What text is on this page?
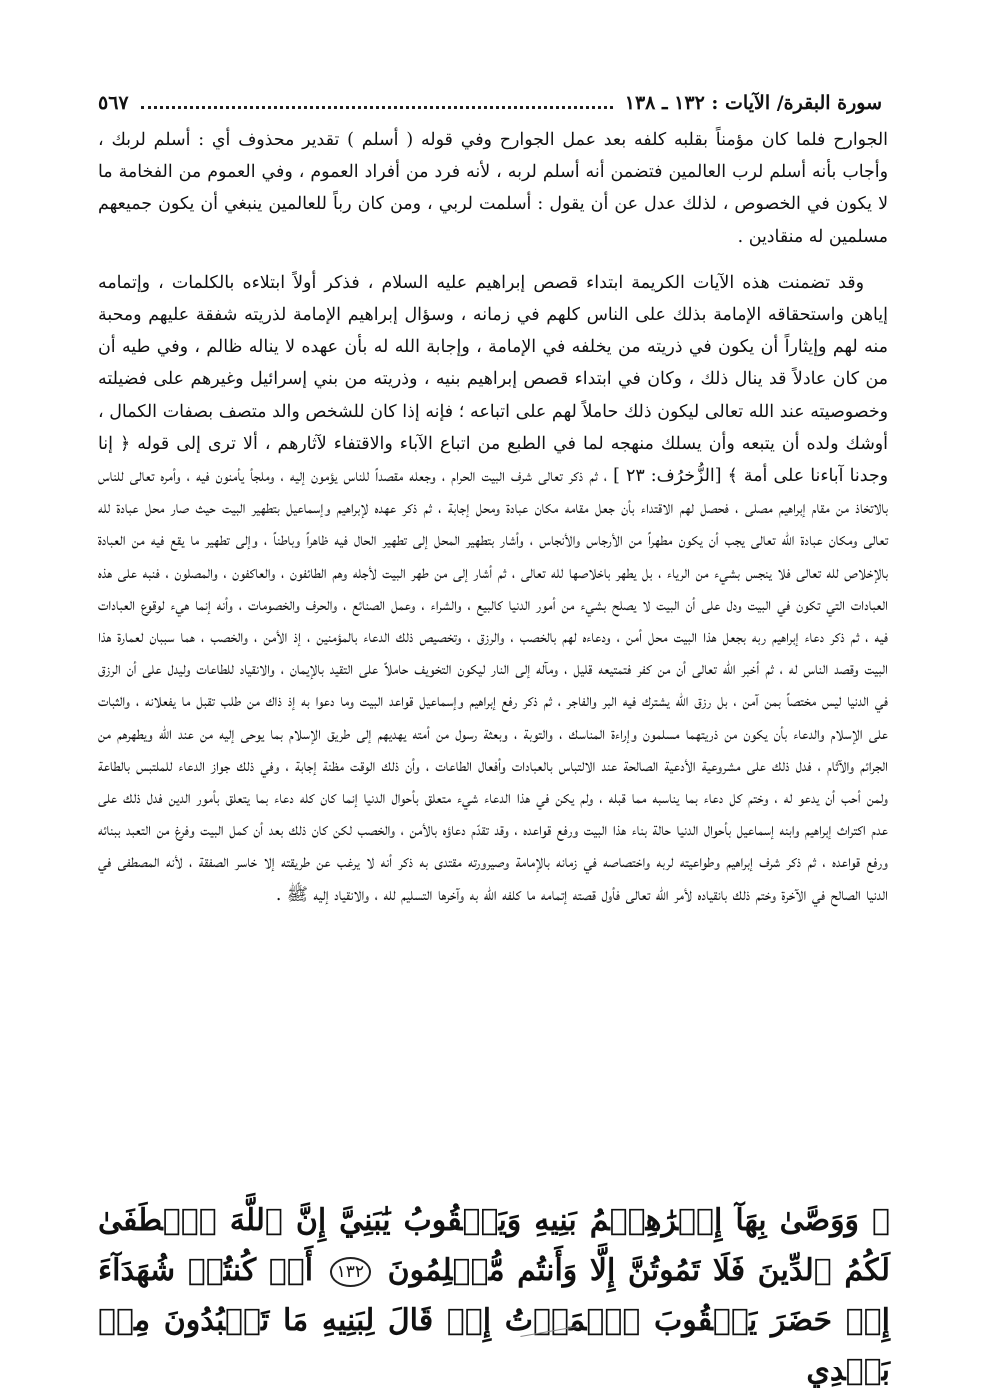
سورة البقرة/ الآيات : ١٣٢ ـ ١٣٨
٥٦٧

الجوارح فلما كان مؤمناً بقلبه كلفه بعد عمل الجوارح وفي قوله ( أسلم ) تقدير محذوف أي : أسلم لربك ، وأجاب بأنه أسلم لرب العالمين فتضمن أنه أسلم لربه ، لأنه فرد من أفراد العموم ، وفي العموم من الفخامة ما لا يكون في الخصوص ، لذلك عدل عن أن يقول : أسلمت لربي ، ومن كان رباً للعالمين ينبغي أن يكون جميعهم مسلمين له منقادين .

وقد تضمنت هذه الآيات الكريمة ابتداء قصص إبراهيم عليه السلام ، فذكر أولاً ابتلاءه بالكلمات ، وإتمامه إياهن واستحقاقه الإمامة بذلك على الناس كلهم في زمانه ، وسؤال إبراهيم الإمامة لذريته شفقة عليهم ومحبة منه لهم وإيثاراً أن يكون في ذريته من يخلفه في الإمامة ، وإجابة الله له بأن عهده لا يناله ظالم ، وفي طيه أن من كان عادلاً قد ينال ذلك ، وكان في ابتداء قصص إبراهيم بنيه ، وذريته من بني إسرائيل وغيرهم على فضيلته وخصوصيته عند الله تعالى ليكون ذلك حاملاً لهم على اتباعه ؛ فإنه إذا كان للشخص والد متصف بصفات الكمال ، أوشك ولده أن يتبعه وأن يسلك منهجه لما في الطبع من اتباع الآباء والاقتفاء لآثارهم ، ألا ترى إلى قوله ﴿ إنا وجدنا آباءنا على أمة ﴾ [الزُّخرُف: ٢٣ ] ، ثم ذكر تعالى شرف البيت الحرام ، وجعله مقصداً للناس يؤمون إليه ، وملجأ يأمنون فيه ، وأمره تعالى للناس بالاتخاذ من مقام إبراهيم مصلى ، فحصل لهم الاقتداء بأن جعل مقامه مكان عبادة ومحل إجابة ، ثم ذكر عهده لإبراهيم وإسماعيل بتطهير البيت حيث صار محل عبادة لله تعالى ومكان عبادة الله تعالى يجب أن يكون مطهراً من الأرجاس والأنجاس ، وأشار بتطهير المحل إلى تطهير الحال فيه ظاهراً وباطناً ، وإلى تطهير ما يقع فيه من العبادة بالإخلاص لله تعالى فلا ينجس بشيء من الرياء ، بل يطهر باخلاصها لله تعالى ، ثم أشار إلى من طهر البيت لأجله وهم الطائفون ، والعاكفون ، والمصلون ، فنبه على هذه العبادات التي تكون في البيت ودل على أن البيت لا يصلح بشيء من أمور الدنيا كالبيع ، والشراء ، وعمل الصنائع ، والحرف والخصومات ، وأنه إنما هيء لوقوع العبادات فيه ، ثم ذكر دعاء إبراهيم ربه بجعل هذا البيت محل أمن ، ودعاءه لهم بالخصب ، والرزق ، وتخصيص ذلك الدعاء بالمؤمنين ، إذ الأمن ، والخصب ، هما سببان لعمارة هذا البيت وقصد الناس له ، ثم أخبر الله تعالى أن من كفر فتمتيعه قليل ، ومآله إلى النار ليكون التخويف حاملاً على التقيد بالإيمان ، والانقياد للطاعات وليدل على أن الرزق في الدنيا ليس مختصاً بمن آمن ، بل رزق الله يشترك فيه البر والفاجر ، ثم ذكر رفع إبراهيم وإسماعيل قواعد البيت وما دعوا به إذ ذاك من طلب تقبل ما يفعلانه ، والثبات على الإسلام والدعاء بأن يكون من ذريتهما مسلمون وإراءة المناسك ، والتوبة ، وبعثة رسول من أمته يهديهم إلى طريق الإسلام بما يوحى إليه من عند الله ويطهرهم من الجرائم والآثام ، فدل ذلك على مشروعية الأدعية الصالحة عند الالتباس بالعبادات وأفعال الطاعات ، وأن ذلك الوقت مظنة إجابة ، وفي ذلك جواز الدعاء للملتبس بالطاعة ولمن أحب أن يدعو له ، وختم كل دعاء بما يناسبه مما قبله ، ولم يكن في هذا الدعاء شيء متعلق بأحوال الدنيا إنما كان كله دعاء بما يتعلق بأمور الدين فدل ذلك على عدم اكتراث إبراهيم وابنه إسماعيل بأحوال الدنيا حالة بناء هذا البيت ورفع قواعده ، وقد تقدّم دعاؤه بالأمن ، والخصب لكن كان ذلك بعد أن كمل البيت وفرغ من التعبد ببنائه ورفع قواعده ، ثم ذكر شرف إبراهيم وطواعيته لربه واختصاصه في زمانه بالإمامة وصيرورته مقتدى به ذكر أنه لا يرغب عن طريقته إلا خاسر الصفقة ، لأنه المصطفى في الدنيا الصالح في الآخرة وختم ذلك بانقياده لأمر الله تعالى فأول قصته إتمامه ما كلفه الله به وآخرها التسليم لله ، والانقياد إليه ﷺ .

﴿ وَوَصَّىٰ بِهَآ إِبۡرَٰهِـۧمُ بَنِيهِ وَيَعۡقُوبُ يَٰبَنِيَّ إِنَّ ٱللَّهَ ٱصۡطَفَىٰ لَكُمُ ٱلدِّينَ فَلَا تَمُوتُنَّ إِلَّا وَأَنتُم مُّسۡلِمُونَ ١٣٢ أَمۡ كُنتُمۡ شُهَدَآءَ إِذۡ حَضَرَ يَعۡقُوبَ ٱلۡمَوۡتُ إِذۡ قَالَ لِبَنِيهِ مَا تَعۡبُدُونَ مِنۢ بَعۡدِي
